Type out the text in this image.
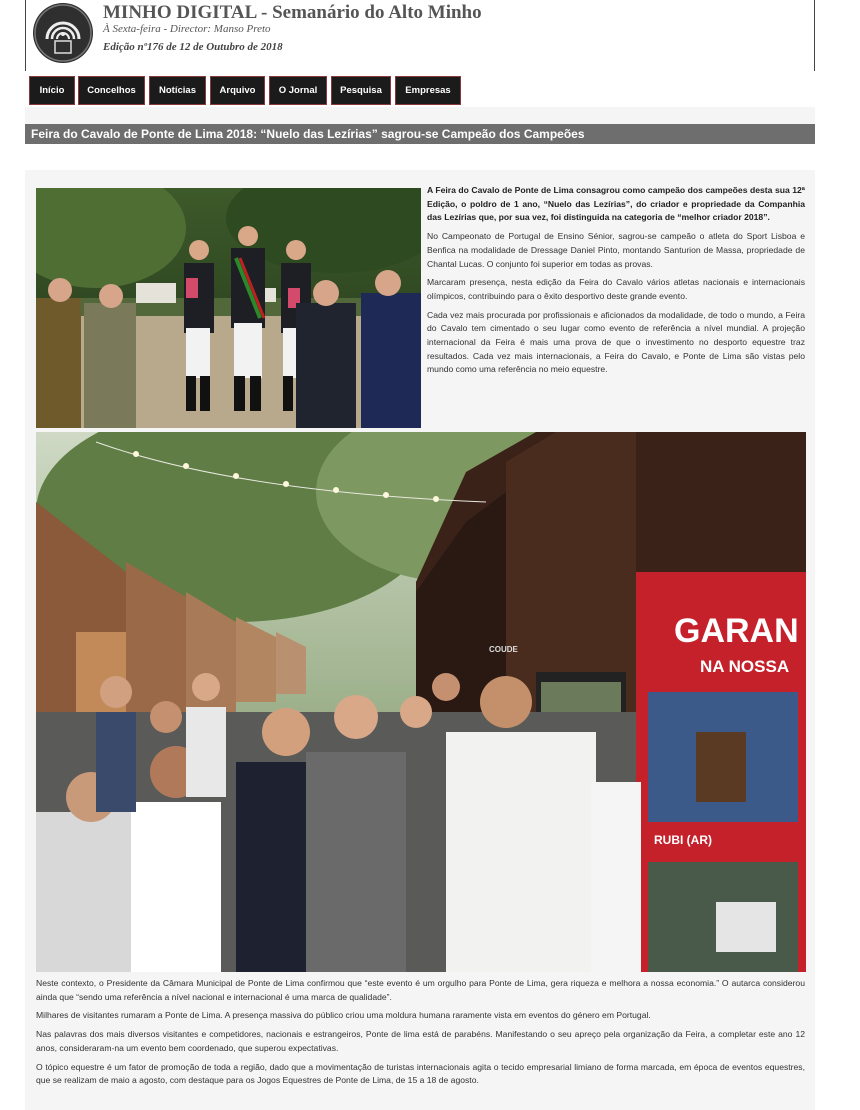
MINHO DIGITAL - Semanário do Alto Minho
À Sexta-feira - Director: Manso Preto
Edição nº176 de 12 de Outubro de 2018
Início	Concelhos	Notícias	Arquivo	O Jornal	Pesquisa	Empresas
Feira do Cavalo de Ponte de Lima 2018: “Nuelo das Lezírias” sagrou-se Campeão dos Campeões

A Feira do Cavalo de Ponte de Lima consagrou como campeão dos campeões desta sua 12ª Edição, o poldro de 1 ano, “Nuelo das Lezírias”, do criador e propriedade da Companhia das Lezírias que, por sua vez, foi distinguida na categoria de “melhor criador 2018”.

No Campeonato de Portugal de Ensino Sénior, sagrou-se campeão o atleta do Sport Lisboa e Benfica na modalidade de Dressage Daniel Pinto, montando Santurion de Massa, propriedade de Chantal Lucas. O conjunto foi superior em todas as provas.

Marcaram presença, nesta edição da Feira do Cavalo vários atletas nacionais e internacionais olímpicos, contribuindo para o êxito desportivo deste grande evento.

Cada vez mais procurada por profissionais e aficionados da modalidade, de todo o mundo, a Feira do Cavalo tem cimentado o seu lugar como evento de referência a nível mundial. A projeção internacional da Feira é mais uma prova de que o investimento no desporto equestre traz resultados. Cada vez mais internacionais, a Feira do Cavalo, e Ponte de Lima são vistas pelo mundo como uma referência no meio equestre.

GARAN
NA NOSSA
RUBI (AR)
COUDE

Neste contexto, o Presidente da Câmara Municipal de Ponte de Lima confirmou que “este evento é um orgulho para Ponte de Lima, gera riqueza e melhora a nossa economia.” O autarca considerou ainda que “sendo uma referência a nível nacional e internacional é uma marca de qualidade”.

Milhares de visitantes rumaram a Ponte de Lima. A presença massiva do público criou uma moldura humana raramente vista em eventos do género em Portugal.

Nas palavras dos mais diversos visitantes e competidores, nacionais e estrangeiros, Ponte de lima está de parabéns. Manifestando o seu apreço pela organização da Feira, a completar este ano 12 anos, consideraram-na um evento bem coordenado, que superou expectativas.

O tópico equestre é um fator de promoção de toda a região, dado que a movimentação de turistas internacionais agita o tecido empresarial limiano de forma marcada, em época de eventos equestres, que se realizam de maio a agosto, com destaque para os Jogos Equestres de Ponte de Lima, de 15 a 18 de agosto.
